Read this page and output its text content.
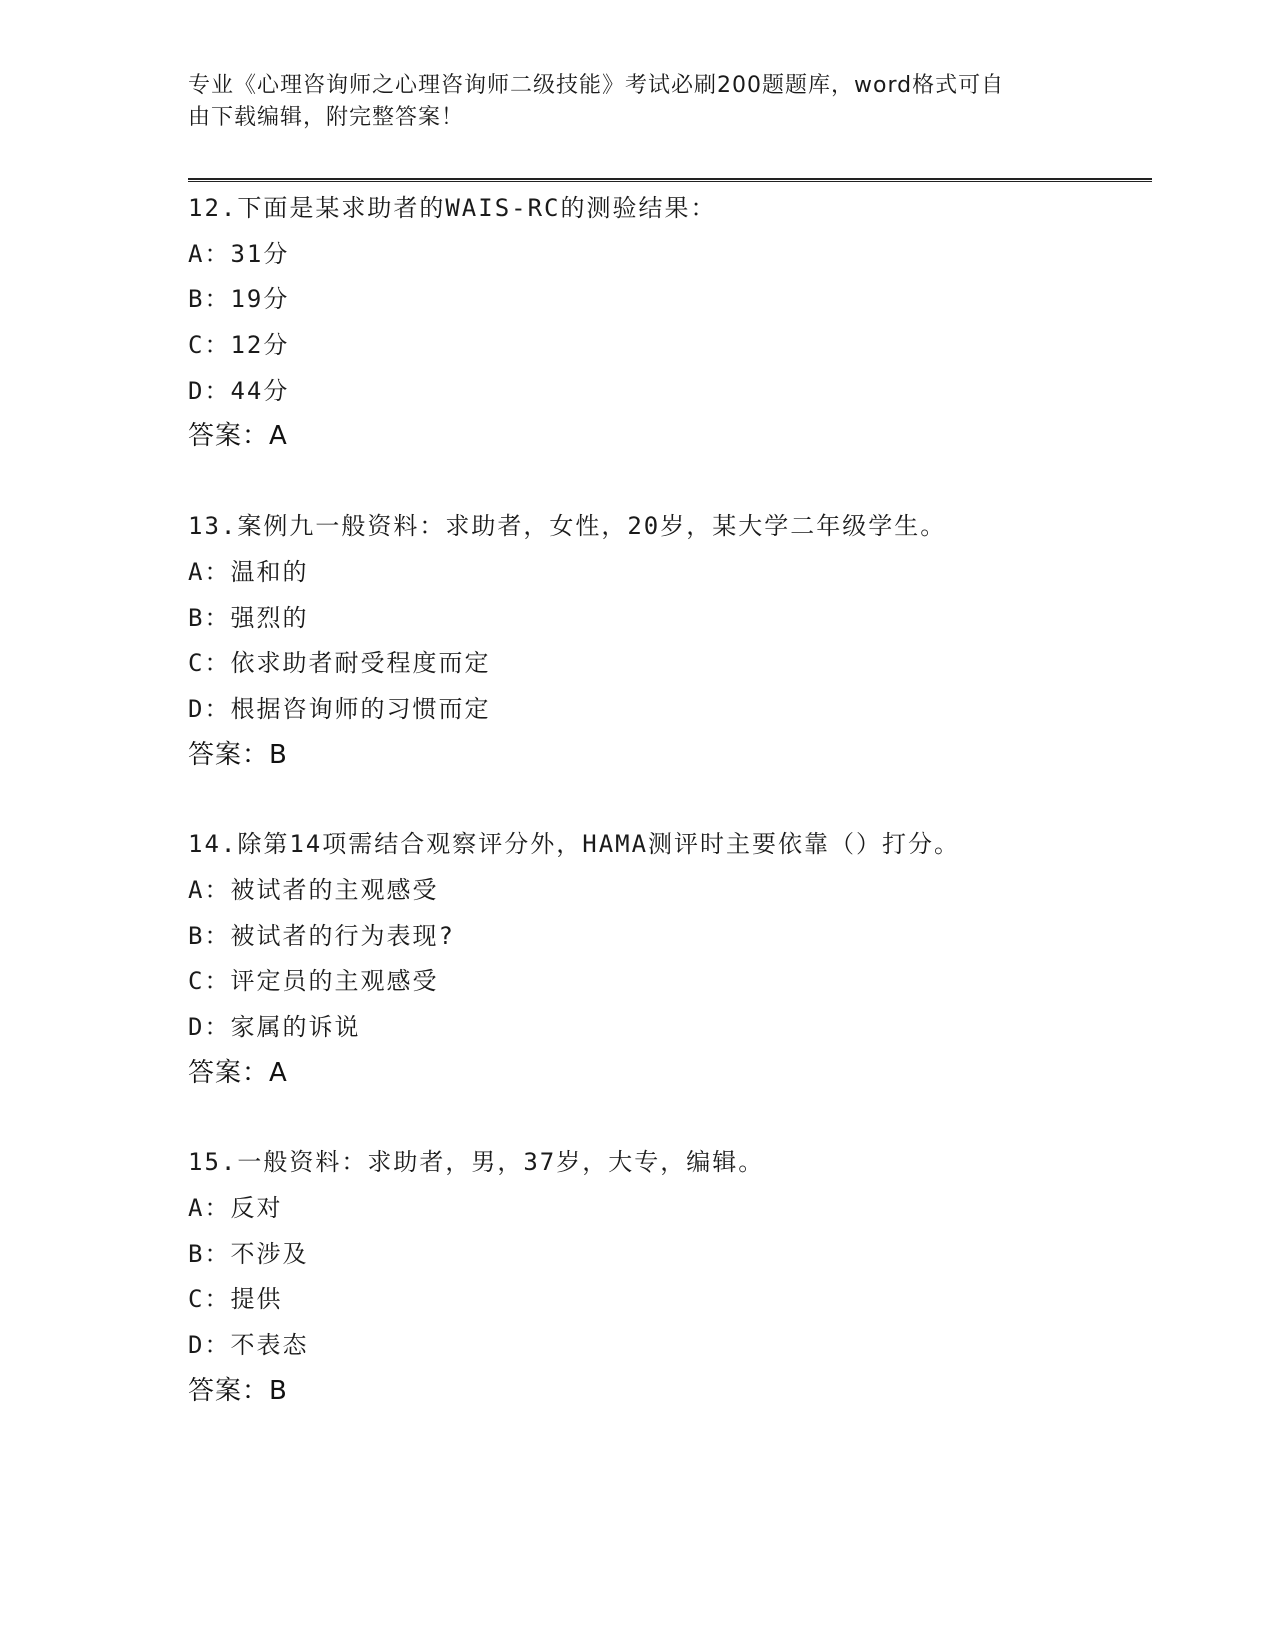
专业《心理咨询师之心理咨询师二级技能》考试必刷200题题库，word格式可自
由下载编辑，附完整答案！
12.下面是某求助者的WAIS-RC的测验结果：
A：31分
B：19分
C：12分
D：44分
答案：A
13.案例九一般资料：求助者，女性，20岁，某大学二年级学生。
A：温和的
B：强烈的
C：依求助者耐受程度而定
D：根据咨询师的习惯而定
答案：B
14.除第14项需结合观察评分外，HAMA测评时主要依靠（）打分。
A：被试者的主观感受
B：被试者的行为表现?
C：评定员的主观感受
D：家属的诉说
答案：A
15.一般资料：求助者，男，37岁，大专，编辑。
A：反对
B：不涉及
C：提供
D：不表态
答案：B
